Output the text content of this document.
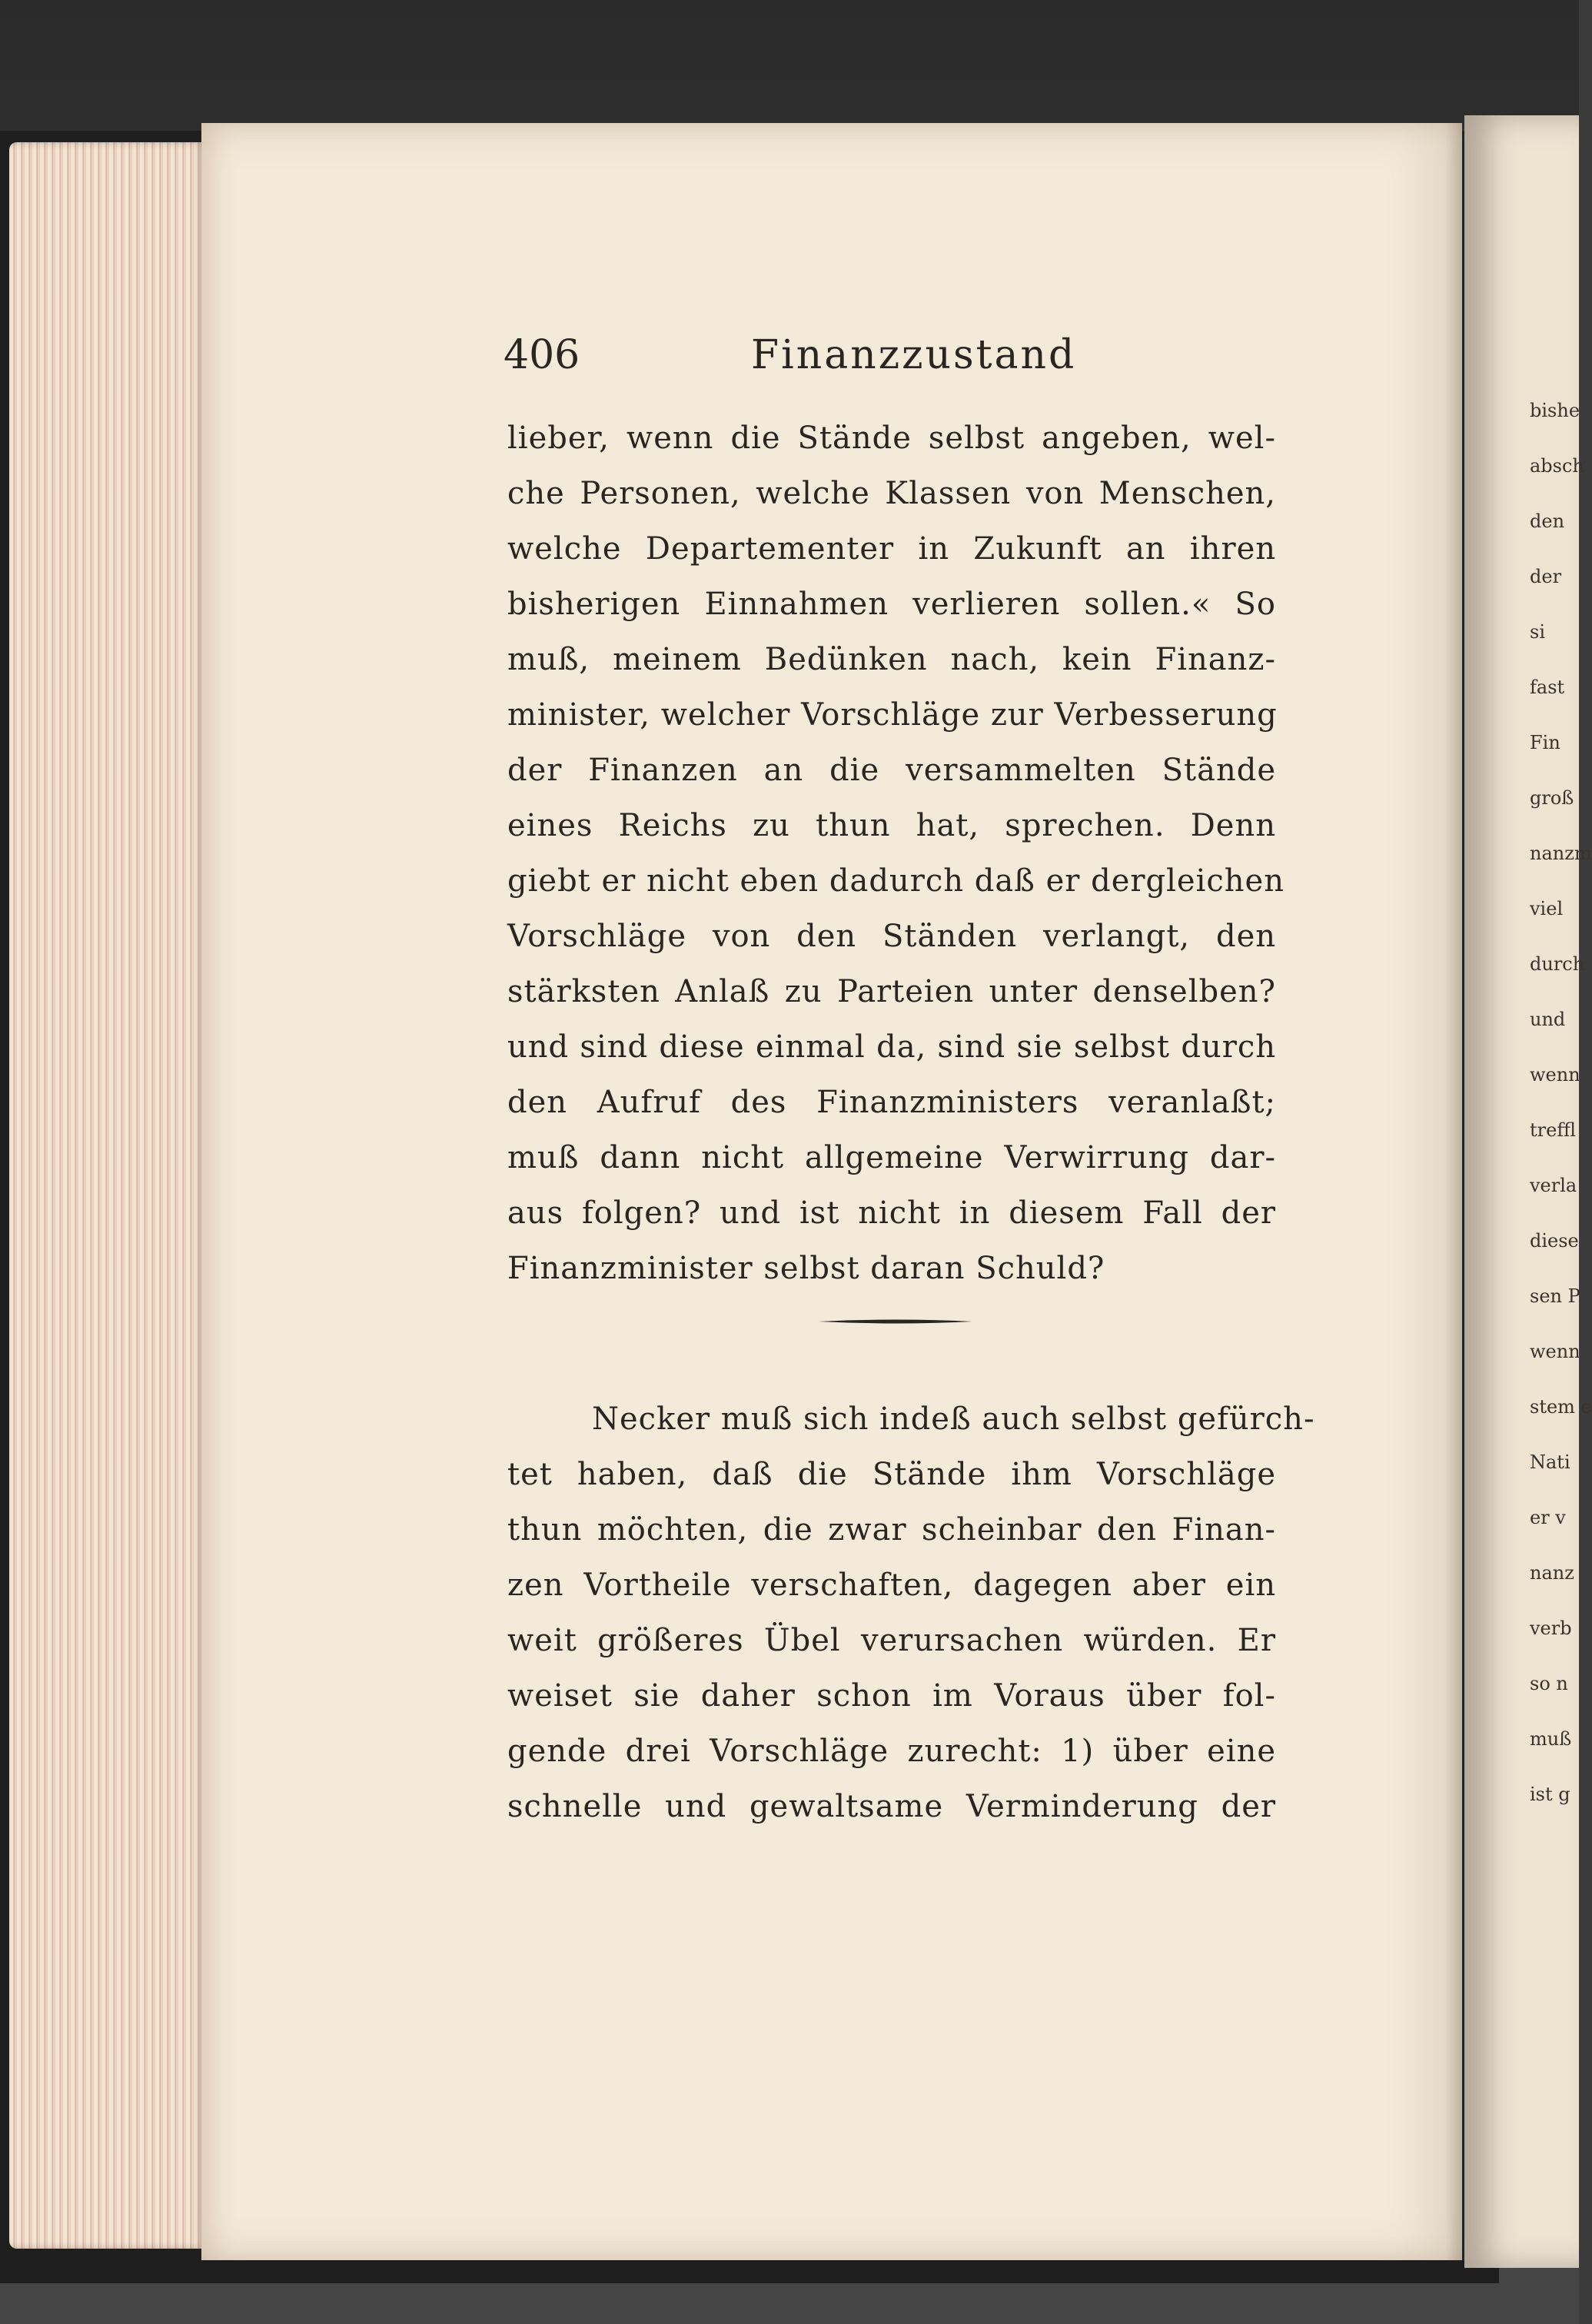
406	Finanzzustand
lieber, wenn die Stände selbst angeben, wel-
che Personen, welche Klassen von Menschen,
welche Departementer in Zukunft an ihren
bisherigen Einnahmen verlieren sollen.« So
muß, meinem Bedünken nach, kein Finanz-
minister, welcher Vorschläge zur Verbesserung
der Finanzen an die versammelten Stände
eines Reichs zu thun hat, sprechen. Denn
giebt er nicht eben dadurch daß er dergleichen
Vorschläge von den Ständen verlangt, den
stärksten Anlaß zu Parteien unter denselben?
und sind diese einmal da, sind sie selbst durch
den Aufruf des Finanzministers veranlaßt;
muß dann nicht allgemeine Verwirrung dar-
aus folgen? und ist nicht in diesem Fall der
Finanzminister selbst daran Schuld?
Necker muß sich indeß auch selbst gefürch-
tet haben, daß die Stände ihm Vorschläge
thun möchten, die zwar scheinbar den Finan-
zen Vortheile verschaften, dagegen aber ein
weit größeres Übel verursachen würden. Er
weiset sie daher schon im Voraus über fol-
gende drei Vorschläge zurecht: 1) über eine
schnelle und gewaltsame Verminderung der
bishe
absch
den
der
si
fast
Fin
groß
nanzm
viel
durch
und
wenn
treffl
verla
diese
sen P
wenn
stem e
Nati
er v
nanz
verb
so n
muß
ist g
